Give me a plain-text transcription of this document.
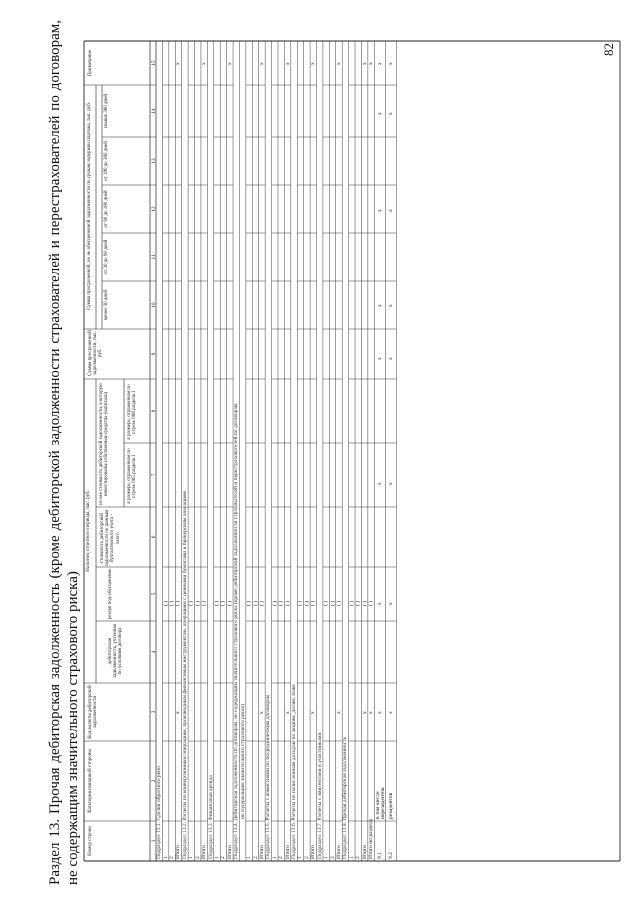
Раздел 13. Прочая дебиторская задолженность (кроме дебиторской задолженности страхователей и перестрахователей по договорам, не содержащим значительного страхового риска)
82
Номер строки
Категория связанной стороны
Код валюты дебиторской задолженности
На конец отчетного периода, тыс. руб.
дебиторская задолженность, учтенная по условиям договора
резерв под обесценение
стоимость дебиторской задолженности по данным бухгалтерского учета - всего
из нее стоимость дебиторской задолженности, в которую инвестированы собственные средства (капитала)	в размере, отраженном по строке 065 раздела 1
в размере, отраженном по строке 066 раздела 1
Сумма просроченной задолженности, тыс. руб.
Сумма просроченной, но не обесцененной задолженности по срокам задержки платежа, тыс. руб. менее 30 дней
от 30 до 90 дней
от 90 до 180 дней
от 180 до 360 дней
свыше 360 дней
Примечание
1
2
3
4
5
6
7
8
9
10
11
12
13
14
15
Подраздел 13.1. Сделки обратного репо 1
( )
2
( )
Итого
( )
x
x
Подраздел 13.2. Расчеты по конверсионным операциям, производным финансовым инструментам, операциям с ценными бумагами и брокерским операциям 1
( )
2
( )
Итого
( )
x
Подраздел 13.3. Финансовая аренда 1
( )
2
( )
Итого
( )
x
Подраздел 13.4. Дебиторская задолженность по договорам, не содержащим значительного страхового риска (кроме дебиторской задолженности страхователей и перестрахователей по договорам, не содержащим значительного страхового риска)
1
( )
2
( )
Итого
( )
x
x
Подраздел 13.5. Расчеты с комиссиями по посредническим договорам 1
( )
2
( )
Итого
( )
x
x
Подраздел 13.6. Расчеты по начисленным доходам по акциям, долям, паям 1
( )
2
( )
Итого
( )
x
x
Подраздел 13.7. Расчеты с эмитентами и участниками 1
( )
2
( )
Итого
( )
x
x
Подраздел 13.8. Прочая дебиторская задолженность 1
( )
2
( )
Итого
( )
x
x
Итого по разделу
( )
x
x
9.1
в том числе: нерезидентов
x
x
x
x
x
x
x
x
9.2
резидентов
x
x
x
x
x
x
x
x
